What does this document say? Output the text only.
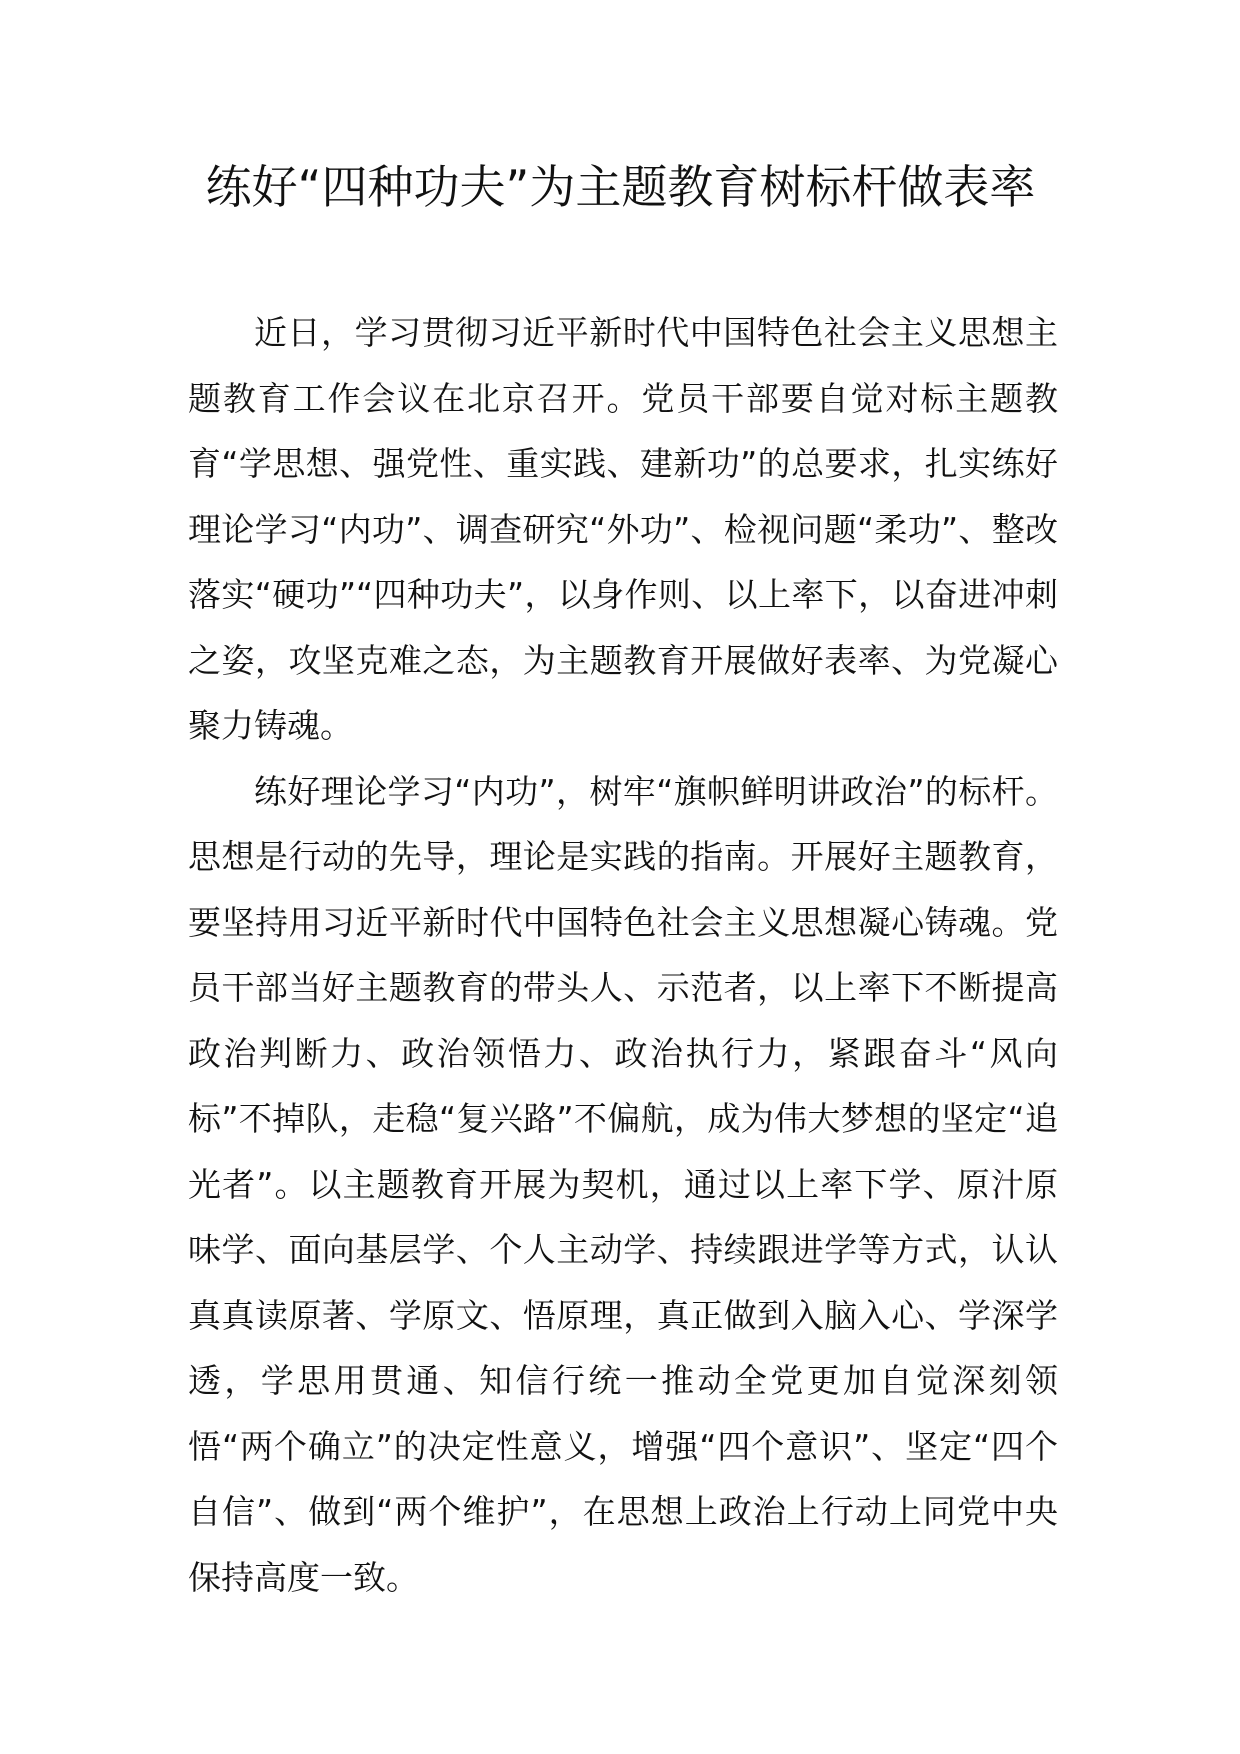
练好“四种功夫”为主题教育树标杆做表率

近日，学习贯彻习近平新时代中国特色社会主义思想主题教育工作会议在北京召开。党员干部要自觉对标主题教育“学思想、强党性、重实践、建新功”的总要求，扎实练好理论学习“内功”、调查研究“外功”、检视问题“柔功”、整改落实“硬功”“四种功夫”，以身作则、以上率下，以奋进冲刺之姿，攻坚克难之态，为主题教育开展做好表率、为党凝心聚力铸魂。

练好理论学习“内功”，树牢“旗帜鲜明讲政治”的标杆。思想是行动的先导，理论是实践的指南。开展好主题教育，要坚持用习近平新时代中国特色社会主义思想凝心铸魂。党员干部当好主题教育的带头人、示范者，以上率下不断提高政治判断力、政治领悟力、政治执行力，紧跟奋斗“风向标”不掉队，走稳“复兴路”不偏航，成为伟大梦想的坚定“追光者”。以主题教育开展为契机，通过以上率下学、原汁原味学、面向基层学、个人主动学、持续跟进学等方式，认认真真读原著、学原文、悟原理，真正做到入脑入心、学深学透，学思用贯通、知信行统一推动全党更加自觉深刻领悟“两个确立”的决定性意义，增强“四个意识”、坚定“四个自信”、做到“两个维护”，在思想上政治上行动上同党中央保持高度一致。
